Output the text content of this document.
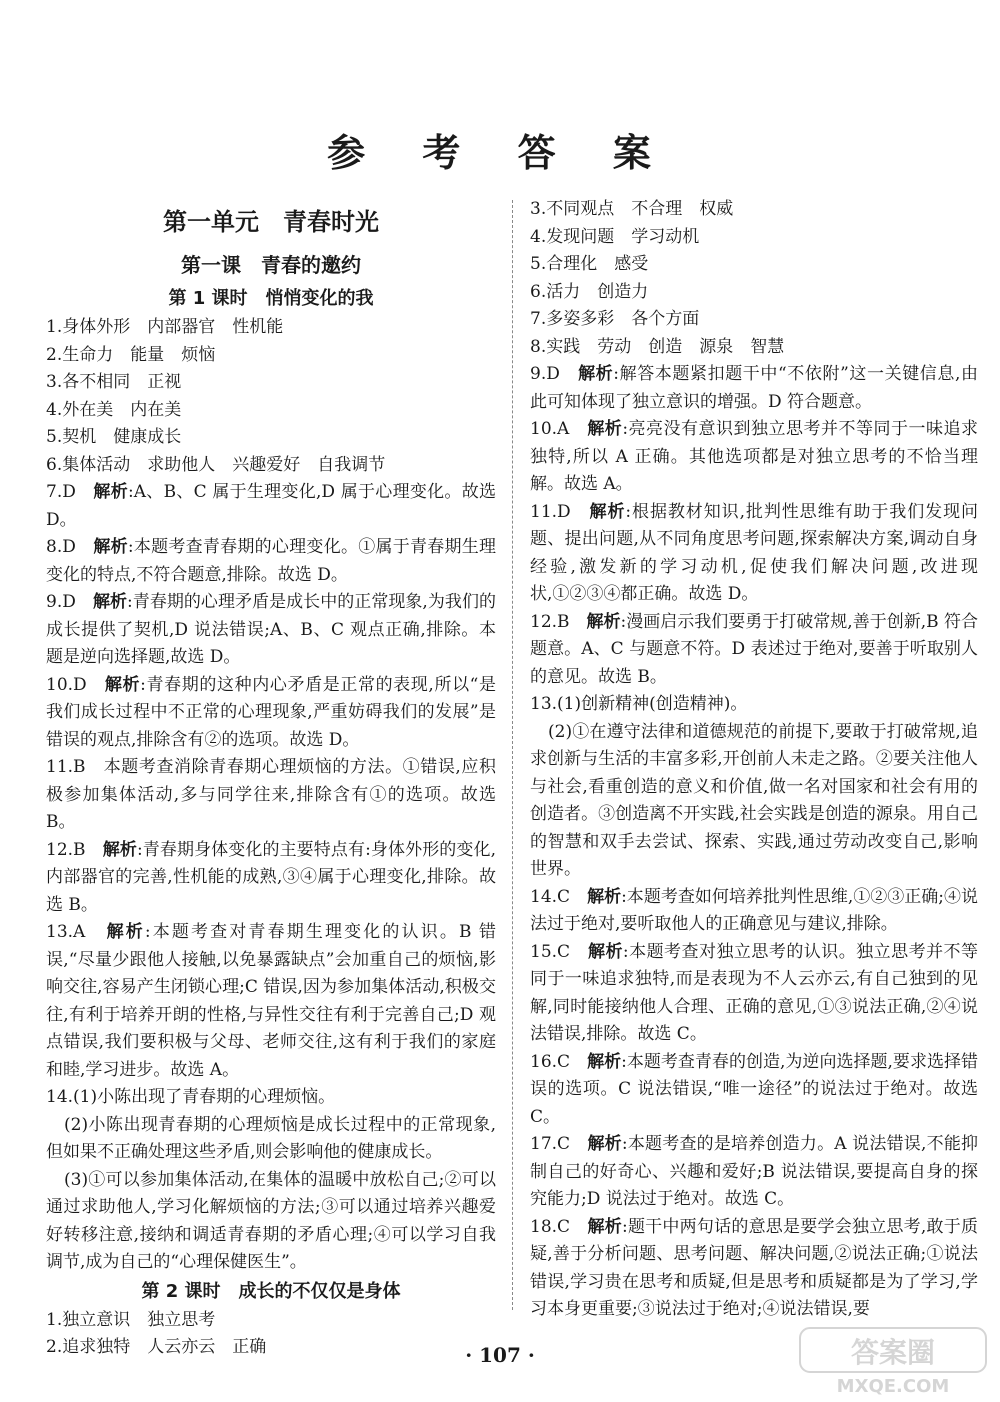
参 考 答 案
第一单元　青春时光
第一课　青春的邀约
第 1 课时　悄悄变化的我

1.身体外形　内部器官　性机能

2.生命力　能量　烦恼

3.各不相同　正视

4.外在美　内在美

5.契机　健康成长

6.集体活动　求助他人　兴趣爱好　自我调节

7.D　解析:A、B、C 属于生理变化,D 属于心理变化。故选 D。

8.D　解析:本题考查青春期的心理变化。①属于青春期生理变化的特点,不符合题意,排除。故选 D。

9.D　解析:青春期的心理矛盾是成长中的正常现象,为我们的成长提供了契机,D 说法错误;A、B、C 观点正确,排除。本题是逆向选择题,故选 D。

10.D　解析:青春期的这种内心矛盾是正常的表现,所以“是我们成长过程中不正常的心理现象,严重妨碍我们的发展”是错误的观点,排除含有②的选项。故选 D。

11.B　本题考查消除青春期心理烦恼的方法。①错误,应积极参加集体活动,多与同学往来,排除含有①的选项。故选 B。

12.B　解析:青春期身体变化的主要特点有:身体外形的变化,内部器官的完善,性机能的成熟,③④属于心理变化,排除。故选 B。

13.A　解析:本题考查对青春期生理变化的认识。B 错误,“尽量少跟他人接触,以免暴露缺点”会加重自己的烦恼,影响交往,容易产生闭锁心理;C 错误,因为参加集体活动,积极交往,有利于培养开朗的性格,与异性交往有利于完善自己;D 观点错误,我们要积极与父母、老师交往,这有利于我们的家庭和睦,学习进步。故选 A。

14.(1)小陈出现了青春期的心理烦恼。

(2)小陈出现青春期的心理烦恼是成长过程中的正常现象,但如果不正确处理这些矛盾,则会影响他的健康成长。

(3)①可以参加集体活动,在集体的温暖中放松自己;②可以通过求助他人,学习化解烦恼的方法;③可以通过培养兴趣爱好转移注意,接纳和调适青春期的矛盾心理;④可以学习自我调节,成为自己的“心理保健医生”。

第 2 课时　成长的不仅仅是身体

1.独立意识　独立思考

2.追求独特　人云亦云　正确

3.不同观点　不合理　权威

4.发现问题　学习动机

5.合理化　感受

6.活力　创造力

7.多姿多彩　各个方面

8.实践　劳动　创造　源泉　智慧

9.D　解析:解答本题紧扣题干中“不依附”这一关键信息,由此可知体现了独立意识的增强。D 符合题意。

10.A　解析:亮亮没有意识到独立思考并不等同于一味追求独特,所以 A 正确。其他选项都是对独立思考的不恰当理解。故选 A。

11.D　解析:根据教材知识,批判性思维有助于我们发现问题、提出问题,从不同角度思考问题,探索解决方案,调动自身经验,激发新的学习动机,促使我们解决问题,改进现状,①②③④都正确。故选 D。

12.B　解析:漫画启示我们要勇于打破常规,善于创新,B 符合题意。A、C 与题意不符。D 表述过于绝对,要善于听取别人的意见。故选 B。

13.(1)创新精神(创造精神)。

(2)①在遵守法律和道德规范的前提下,要敢于打破常规,追求创新与生活的丰富多彩,开创前人未走之路。②要关注他人与社会,看重创造的意义和价值,做一名对国家和社会有用的创造者。③创造离不开实践,社会实践是创造的源泉。用自己的智慧和双手去尝试、探索、实践,通过劳动改变自己,影响世界。

14.C　解析:本题考查如何培养批判性思维,①②③正确;④说法过于绝对,要听取他人的正确意见与建议,排除。

15.C　解析:本题考查对独立思考的认识。独立思考并不等同于一味追求独特,而是表现为不人云亦云,有自己独到的见解,同时能接纳他人合理、正确的意见,①③说法正确,②④说法错误,排除。故选 C。

16.C　解析:本题考查青春的创造,为逆向选择题,要求选择错误的选项。C 说法错误,“唯一途径”的说法过于绝对。故选 C。

17.C　解析:本题考查的是培养创造力。A 说法错误,不能抑制自己的好奇心、兴趣和爱好;B 说法错误,要提高自身的探究能力;D 说法过于绝对。故选 C。

18.C　解析:题干中两句话的意思是要学会独立思考,敢于质疑,善于分析问题、思考问题、解决问题,②说法正确;①说法错误,学习贵在思考和质疑,但是思考和质疑都是为了学习,学习本身更重要;③说法过于绝对;④说法错误,要

· 107 ·	答案圈
MXQE.COM
